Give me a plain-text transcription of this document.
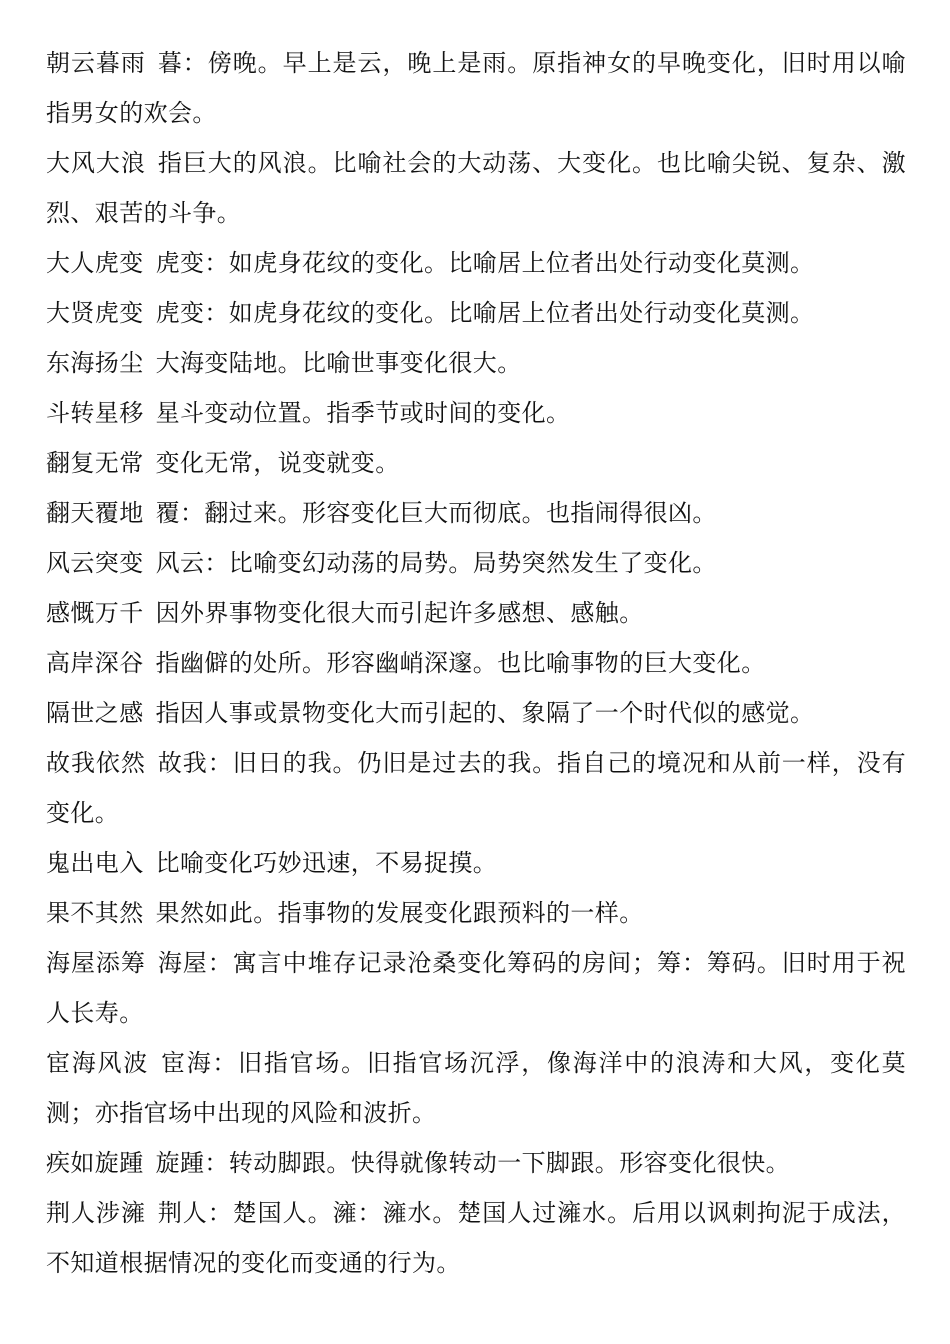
朝云暮雨 暮：傍晚。早上是云，晚上是雨。原指神女的早晚变化，旧时用以喻指男女的欢会。

大风大浪 指巨大的风浪。比喻社会的大动荡、大变化。也比喻尖锐、复杂、激烈、艰苦的斗争。

大人虎变 虎变：如虎身花纹的变化。比喻居上位者出处行动变化莫测。

大贤虎变 虎变：如虎身花纹的变化。比喻居上位者出处行动变化莫测。

东海扬尘 大海变陆地。比喻世事变化很大。

斗转星移 星斗变动位置。指季节或时间的变化。

翻复无常 变化无常，说变就变。

翻天覆地 覆：翻过来。形容变化巨大而彻底。也指闹得很凶。

风云突变 风云：比喻变幻动荡的局势。局势突然发生了变化。

感慨万千 因外界事物变化很大而引起许多感想、感触。

高岸深谷 指幽僻的处所。形容幽峭深邃。也比喻事物的巨大变化。

隔世之感 指因人事或景物变化大而引起的、象隔了一个时代似的感觉。

故我依然 故我：旧日的我。仍旧是过去的我。指自己的境况和从前一样，没有变化。

鬼出电入 比喻变化巧妙迅速，不易捉摸。

果不其然 果然如此。指事物的发展变化跟预料的一样。

海屋添筹 海屋：寓言中堆存记录沧桑变化筹码的房间；筹：筹码。旧时用于祝人长寿。

宦海风波 宦海：旧指官场。旧指官场沉浮，像海洋中的浪涛和大风，变化莫测；亦指官场中出现的风险和波折。

疾如旋踵 旋踵：转动脚跟。快得就像转动一下脚跟。形容变化很快。

荆人涉澭 荆人：楚国人。澭：澭水。楚国人过澭水。后用以讽刺拘泥于成法，不知道根据情况的变化而变通的行为。
